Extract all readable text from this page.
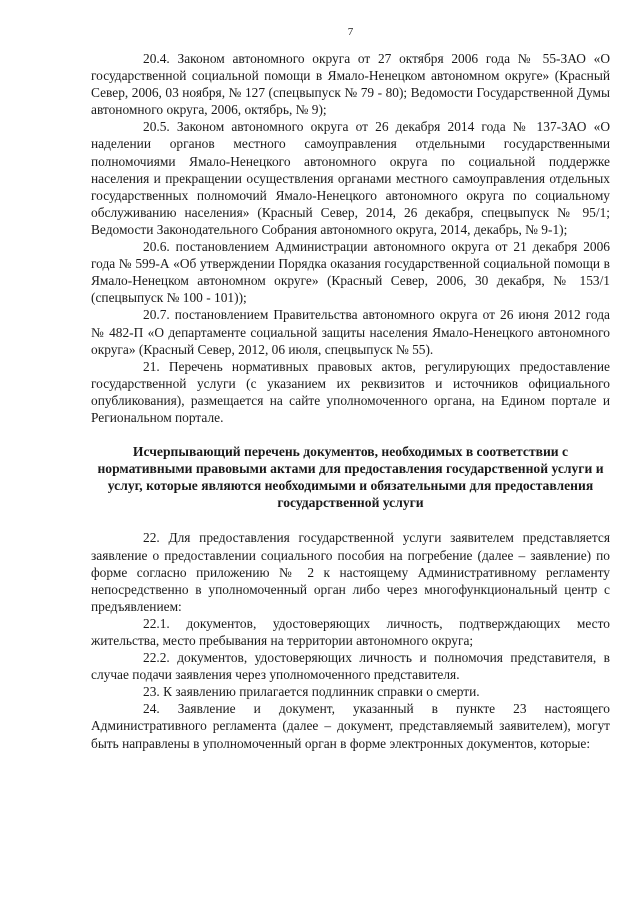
7

20.4. Законом автономного округа от 27 октября 2006 года № 55-ЗАО «О государственной социальной помощи в Ямало-Ненецком автономном округе» (Красный Север, 2006, 03 ноября, № 127 (спецвыпуск № 79 - 80); Ведомости Государственной Думы автономного округа, 2006, октябрь, № 9);

20.5. Законом автономного округа от 26 декабря 2014 года № 137-ЗАО «О наделении органов местного самоуправления отдельными государственными полномочиями Ямало-Ненецкого автономного округа по социальной поддержке населения и прекращении осуществления органами местного самоуправления отдельных государственных полномочий Ямало-Ненецкого автономного округа по социальному обслуживанию населения» (Красный Север, 2014, 26 декабря, спецвыпуск № 95/1; Ведомости Законодательного Собрания автономного округа, 2014, декабрь, № 9-1);

20.6. постановлением Администрации автономного округа от 21 декабря 2006 года № 599-А «Об утверждении Порядка оказания государственной социальной помощи в Ямало-Ненецком автономном округе» (Красный Север, 2006, 30 декабря, № 153/1 (спецвыпуск № 100 - 101));

20.7. постановлением Правительства автономного округа от 26 июня 2012 года № 482-П «О департаменте социальной защиты населения Ямало-Ненецкого автономного округа» (Красный Север, 2012, 06 июля, спецвыпуск № 55).

21. Перечень нормативных правовых актов, регулирующих предоставление государственной услуги (с указанием их реквизитов и источников официального опубликования), размещается на сайте уполномоченного органа, на Едином портале и Региональном портале.

Исчерпывающий перечень документов, необходимых в соответствии с нормативными правовыми актами для предоставления государственной услуги и услуг, которые являются необходимыми и обязательными для предоставления государственной услуги

22. Для предоставления государственной услуги заявителем представляется заявление о предоставлении социального пособия на погребение (далее – заявление) по форме согласно приложению № 2 к настоящему Административному регламенту непосредственно в уполномоченный орган либо через многофункциональный центр с предъявлением:

22.1. документов, удостоверяющих личность, подтверждающих место жительства, место пребывания на территории автономного округа;

22.2. документов, удостоверяющих личность и полномочия представителя, в случае подачи заявления через уполномоченного представителя.

23. К заявлению прилагается подлинник справки о смерти.

24. Заявление и документ, указанный в пункте 23 настоящего Административного регламента (далее – документ, представляемый заявителем), могут быть направлены в уполномоченный орган в форме электронных документов, которые:
